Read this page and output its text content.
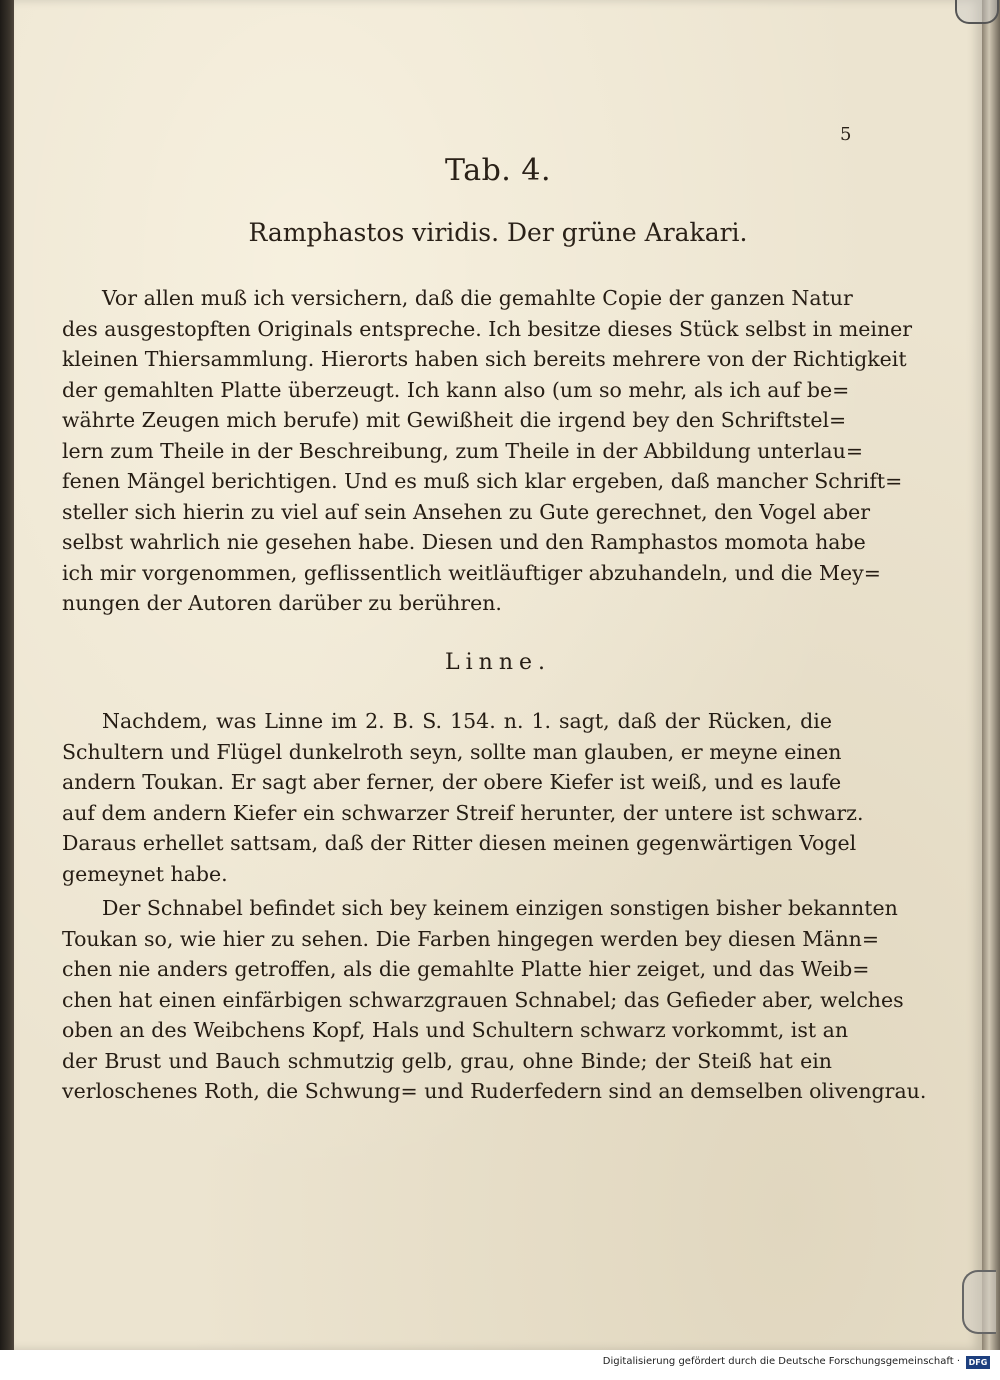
5
Tab. 4.
Ramphastos viridis. Der grüne Arakari.
Vor allen muß ich versichern, daß die gemahlte Copie der ganzen Natur
des ausgestopften Originals entspreche. Ich besitze dieses Stück selbst in meiner
kleinen Thiersammlung. Hierorts haben sich bereits mehrere von der Richtigkeit
der gemahlten Platte überzeugt. Ich kann also (um so mehr, als ich auf be=
währte Zeugen mich berufe) mit Gewißheit die irgend bey den Schriftstel=
lern zum Theile in der Beschreibung, zum Theile in der Abbildung unterlau=
fenen Mängel berichtigen. Und es muß sich klar ergeben, daß mancher Schrift=
steller sich hierin zu viel auf sein Ansehen zu Gute gerechnet, den Vogel aber
selbst wahrlich nie gesehen habe. Diesen und den Ramphastos momota habe
ich mir vorgenommen, geflissentlich weitläuftiger abzuhandeln, und die Mey=
nungen der Autoren darüber zu berühren.
Linne.
Nachdem, was Linne im 2. B. S. 154. n. 1. sagt, daß der Rücken, die
Schultern und Flügel dunkelroth seyn, sollte man glauben, er meyne einen
andern Toukan. Er sagt aber ferner, der obere Kiefer ist weiß, und es laufe
auf dem andern Kiefer ein schwarzer Streif herunter, der untere ist schwarz.
Daraus erhellet sattsam, daß der Ritter diesen meinen gegenwärtigen Vogel
gemeynet habe.
Der Schnabel befindet sich bey keinem einzigen sonstigen bisher bekannten
Toukan so, wie hier zu sehen. Die Farben hingegen werden bey diesen Männ=
chen nie anders getroffen, als die gemahlte Platte hier zeiget, und das Weib=
chen hat einen einfärbigen schwarzgrauen Schnabel; das Gefieder aber, welches
oben an des Weibchens Kopf, Hals und Schultern schwarz vorkommt, ist an
der Brust und Bauch schmutzig gelb, grau, ohne Binde; der Steiß hat ein
verloschenes Roth, die Schwung= und Ruderfedern sind an demselben olivengrau.
Digitalisierung gefördert durch die Deutsche Forschungsgemeinschaft ·	DFG
